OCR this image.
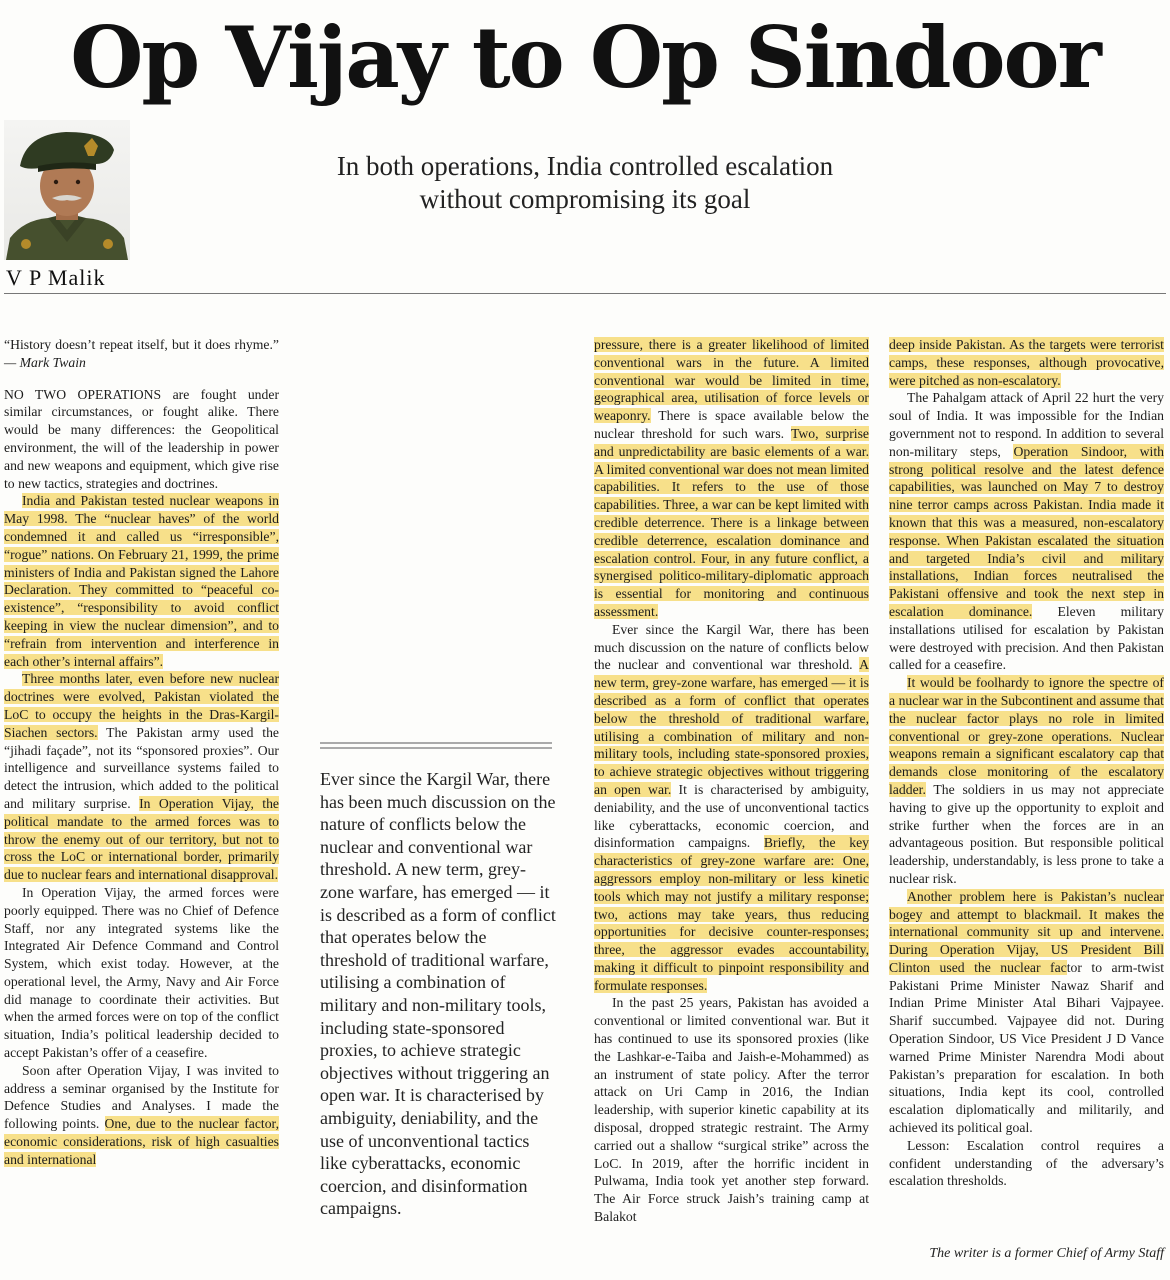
Op Vijay to Op Sindoor
In both operations, India controlled escalation without compromising its goal
V P Malik

“History doesn’t repeat itself, but it does rhyme.” — Mark Twain

NO TWO OPERATIONS are fought under similar circumstances, or fought alike. There would be many differences: the Geopolitical environment, the will of the leadership in power and new weapons and equipment, which give rise to new tactics, strategies and doctrines.

India and Pakistan tested nuclear weapons in May 1998. The “nuclear haves” of the world condemned it and called us “irresponsible”, “rogue” nations. On February 21, 1999, the prime ministers of India and Pakistan signed the Lahore Declaration. They committed to “peaceful co-existence”, “responsibility to avoid conflict keeping in view the nuclear dimension”, and to “refrain from intervention and interference in each other’s internal affairs”.

Three months later, even before new nuclear doctrines were evolved, Pakistan violated the LoC to occupy the heights in the Dras-Kargil-Siachen sectors. The Pakistan army used the “jihadi façade”, not its “sponsored proxies”. Our intelligence and surveillance systems failed to detect the intrusion, which added to the political and military surprise. In Operation Vijay, the political mandate to the armed forces was to throw the enemy out of our territory, but not to cross the LoC or international border, primarily due to nuclear fears and international disapproval.

In Operation Vijay, the armed forces were poorly equipped. There was no Chief of Defence Staff, nor any integrated systems like the Integrated Air Defence Command and Control System, which exist today. However, at the operational level, the Army, Navy and Air Force did manage to coordinate their activities. But when the armed forces were on top of the conflict situation, India’s political leadership decided to accept Pakistan’s offer of a ceasefire.

Soon after Operation Vijay, I was invited to address a seminar organised by the Institute for Defence Studies and Analyses. I made the following points. One, due to the nuclear factor, economic considerations, risk of high casualties and international

Ever since the Kargil War, there has been much discussion on the nature of conflicts below the nuclear and conventional war threshold. A new term, grey-zone warfare, has emerged — it is described as a form of conflict that operates below the threshold of traditional warfare, utilising a combination of military and non-military tools, including state-sponsored proxies, to achieve strategic objectives without triggering an open war. It is characterised by ambiguity, deniability, and the use of unconventional tactics like cyberattacks, economic coercion, and disinformation campaigns.

pressure, there is a greater likelihood of limited conventional wars in the future. A limited conventional war would be limited in time, geographical area, utilisation of force levels or weaponry. There is space available below the nuclear threshold for such wars. Two, surprise and unpredictability are basic elements of a war. A limited conventional war does not mean limited capabilities. It refers to the use of those capabilities. Three, a war can be kept limited with credible deterrence. There is a linkage between credible deterrence, escalation dominance and escalation control. Four, in any future conflict, a synergised politico-military-diplomatic approach is essential for monitoring and continuous assessment.

Ever since the Kargil War, there has been much discussion on the nature of conflicts below the nuclear and conventional war threshold. A new term, grey-zone warfare, has emerged — it is described as a form of conflict that operates below the threshold of traditional warfare, utilising a combination of military and non-military tools, including state-sponsored proxies, to achieve strategic objectives without triggering an open war. It is characterised by ambiguity, deniability, and the use of unconventional tactics like cyberattacks, economic coercion, and disinformation campaigns. Briefly, the key characteristics of grey-zone warfare are: One, aggressors employ non-military or less kinetic tools which may not justify a military response; two, actions may take years, thus reducing opportunities for decisive counter-responses; three, the aggressor evades accountability, making it difficult to pinpoint responsibility and formulate responses.

In the past 25 years, Pakistan has avoided a conventional or limited conventional war. But it has continued to use its sponsored proxies (like the Lashkar-e-Taiba and Jaish-e-Mohammed) as an instrument of state policy. After the terror attack on Uri Camp in 2016, the Indian leadership, with superior kinetic capability at its disposal, dropped strategic restraint. The Army carried out a shallow “surgical strike” across the LoC. In 2019, after the horrific incident in Pulwama, India took yet another step forward. The Air Force struck Jaish’s training camp at Balakot

deep inside Pakistan. As the targets were terrorist camps, these responses, although provocative, were pitched as non-escalatory.

The Pahalgam attack of April 22 hurt the very soul of India. It was impossible for the Indian government not to respond. In addition to several non-military steps, Operation Sindoor, with strong political resolve and the latest defence capabilities, was launched on May 7 to destroy nine terror camps across Pakistan. India made it known that this was a measured, non-escalatory response. When Pakistan escalated the situation and targeted India’s civil and military installations, Indian forces neutralised the Pakistani offensive and took the next step in escalation dominance. Eleven military installations utilised for escalation by Pakistan were destroyed with precision. And then Pakistan called for a ceasefire.

It would be foolhardy to ignore the spectre of a nuclear war in the Subcontinent and assume that the nuclear factor plays no role in limited conventional or grey-zone operations. Nuclear weapons remain a significant escalatory cap that demands close monitoring of the escalatory ladder. The soldiers in us may not appreciate having to give up the opportunity to exploit and strike further when the forces are in an advantageous position. But responsible political leadership, understandably, is less prone to take a nuclear risk.

Another problem here is Pakistan’s nuclear bogey and attempt to blackmail. It makes the international community sit up and intervene. During Operation Vijay, US President Bill Clinton used the nuclear factor to arm-twist Pakistani Prime Minister Nawaz Sharif and Indian Prime Minister Atal Bihari Vajpayee. Sharif succumbed. Vajpayee did not. During Operation Sindoor, US Vice President J D Vance warned Prime Minister Narendra Modi about Pakistan’s preparation for escalation. In both situations, India kept its cool, controlled escalation diplomatically and militarily, and achieved its political goal.

Lesson: Escalation control requires a confident understanding of the adversary’s escalation thresholds.

The writer is a former Chief of Army Staff
